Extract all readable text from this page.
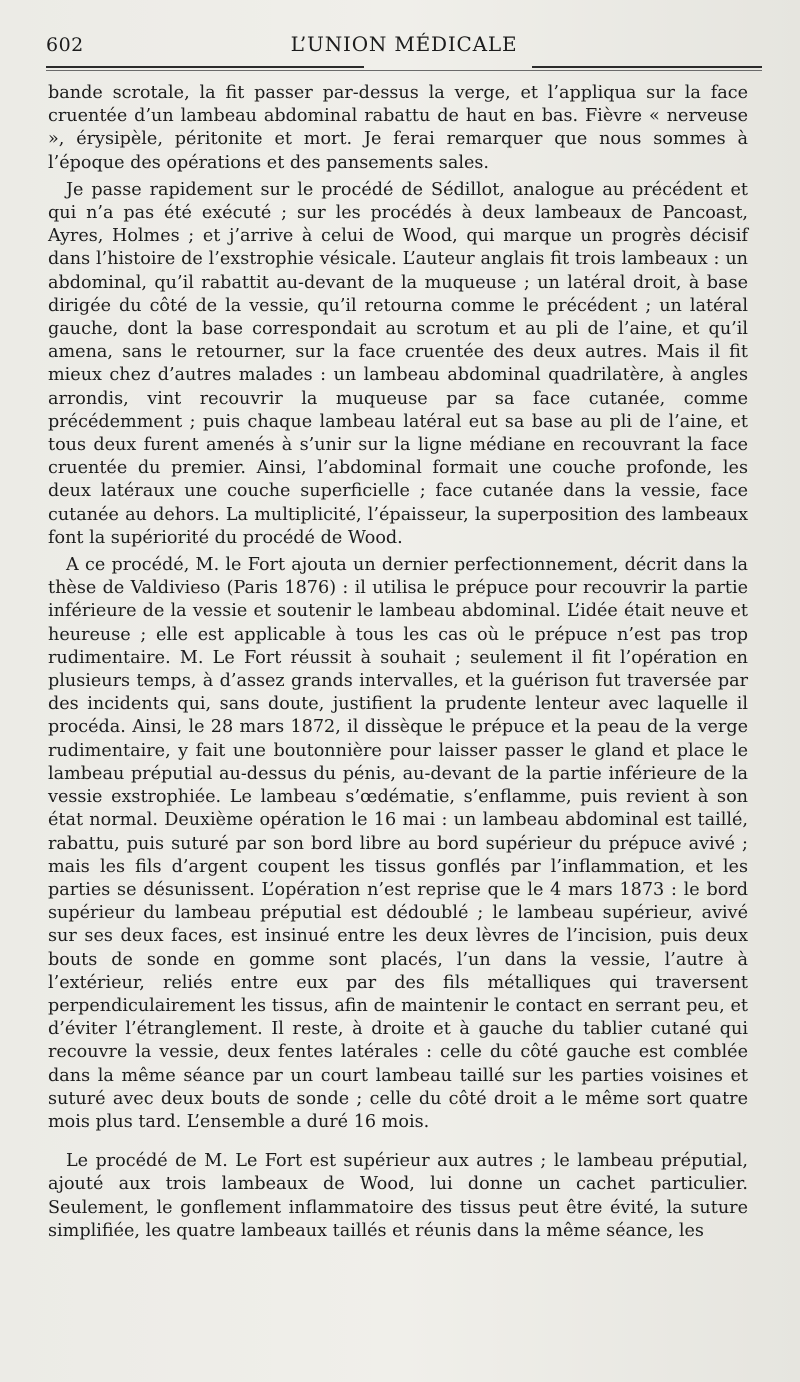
602	L’UNION MÉDICALE

bande scrotale, la fit passer par-dessus la verge, et l’appliqua sur la face cruentée d’un lambeau abdominal rabattu de haut en bas. Fièvre « nerveuse », érysipèle, péritonite et mort. Je ferai remarquer que nous sommes à l’époque des opérations et des pansements sales.

Je passe rapidement sur le procédé de Sédillot, analogue au précédent et qui n’a pas été exécuté ; sur les procédés à deux lambeaux de Pancoast, Ayres, Holmes ; et j’arrive à celui de Wood, qui marque un progrès décisif dans l’histoire de l’exstrophie vésicale. L’auteur anglais fit trois lambeaux : un abdominal, qu’il rabattit au-devant de la muqueuse ; un latéral droit, à base dirigée du côté de la vessie, qu’il retourna comme le précédent ; un latéral gauche, dont la base correspondait au scrotum et au pli de l’aine, et qu’il amena, sans le retourner, sur la face cruentée des deux autres. Mais il fit mieux chez d’autres malades : un lambeau abdominal quadrilatère, à angles arrondis, vint recouvrir la muqueuse par sa face cutanée, comme précédemment ; puis chaque lambeau latéral eut sa base au pli de l’aine, et tous deux furent amenés à s’unir sur la ligne médiane en recouvrant la face cruentée du premier. Ainsi, l’abdominal formait une couche profonde, les deux latéraux une couche superficielle ; face cutanée dans la vessie, face cutanée au dehors. La multiplicité, l’épaisseur, la superposition des lambeaux font la supériorité du procédé de Wood.

A ce procédé, M. le Fort ajouta un dernier perfectionnement, décrit dans la thèse de Valdivieso (Paris 1876) : il utilisa le prépuce pour recouvrir la partie inférieure de la vessie et soutenir le lambeau abdominal. L’idée était neuve et heureuse ; elle est applicable à tous les cas où le prépuce n’est pas trop rudimentaire. M. Le Fort réussit à souhait ; seulement il fit l’opération en plusieurs temps, à d’assez grands intervalles, et la guérison fut traversée par des incidents qui, sans doute, justifient la prudente lenteur avec laquelle il procéda. Ainsi, le 28 mars 1872, il dissèque le prépuce et la peau de la verge rudimentaire, y fait une boutonnière pour laisser passer le gland et place le lambeau préputial au-dessus du pénis, au-devant de la partie inférieure de la vessie exstrophiée. Le lambeau s’œdématie, s’enflamme, puis revient à son état normal. Deuxième opération le 16 mai : un lambeau abdominal est taillé, rabattu, puis suturé par son bord libre au bord supérieur du prépuce avivé ; mais les fils d’argent coupent les tissus gonflés par l’inflammation, et les parties se désunissent. L’opération n’est reprise que le 4 mars 1873 : le bord supérieur du lambeau préputial est dédoublé ; le lambeau supérieur, avivé sur ses deux faces, est insinué entre les deux lèvres de l’incision, puis deux bouts de sonde en gomme sont placés, l’un dans la vessie, l’autre à l’extérieur, reliés entre eux par des fils métalliques qui traversent perpendiculairement les tissus, afin de maintenir le contact en serrant peu, et d’éviter l’étranglement. Il reste, à droite et à gauche du tablier cutané qui recouvre la vessie, deux fentes latérales : celle du côté gauche est comblée dans la même séance par un court lambeau taillé sur les parties voisines et suturé avec deux bouts de sonde ; celle du côté droit a le même sort quatre mois plus tard. L’ensemble a duré 16 mois.

Le procédé de M. Le Fort est supérieur aux autres ; le lambeau préputial, ajouté aux trois lambeaux de Wood, lui donne un cachet particulier. Seulement, le gonflement inflammatoire des tissus peut être évité, la suture simplifiée, les quatre lambeaux taillés et réunis dans la même séance, les
